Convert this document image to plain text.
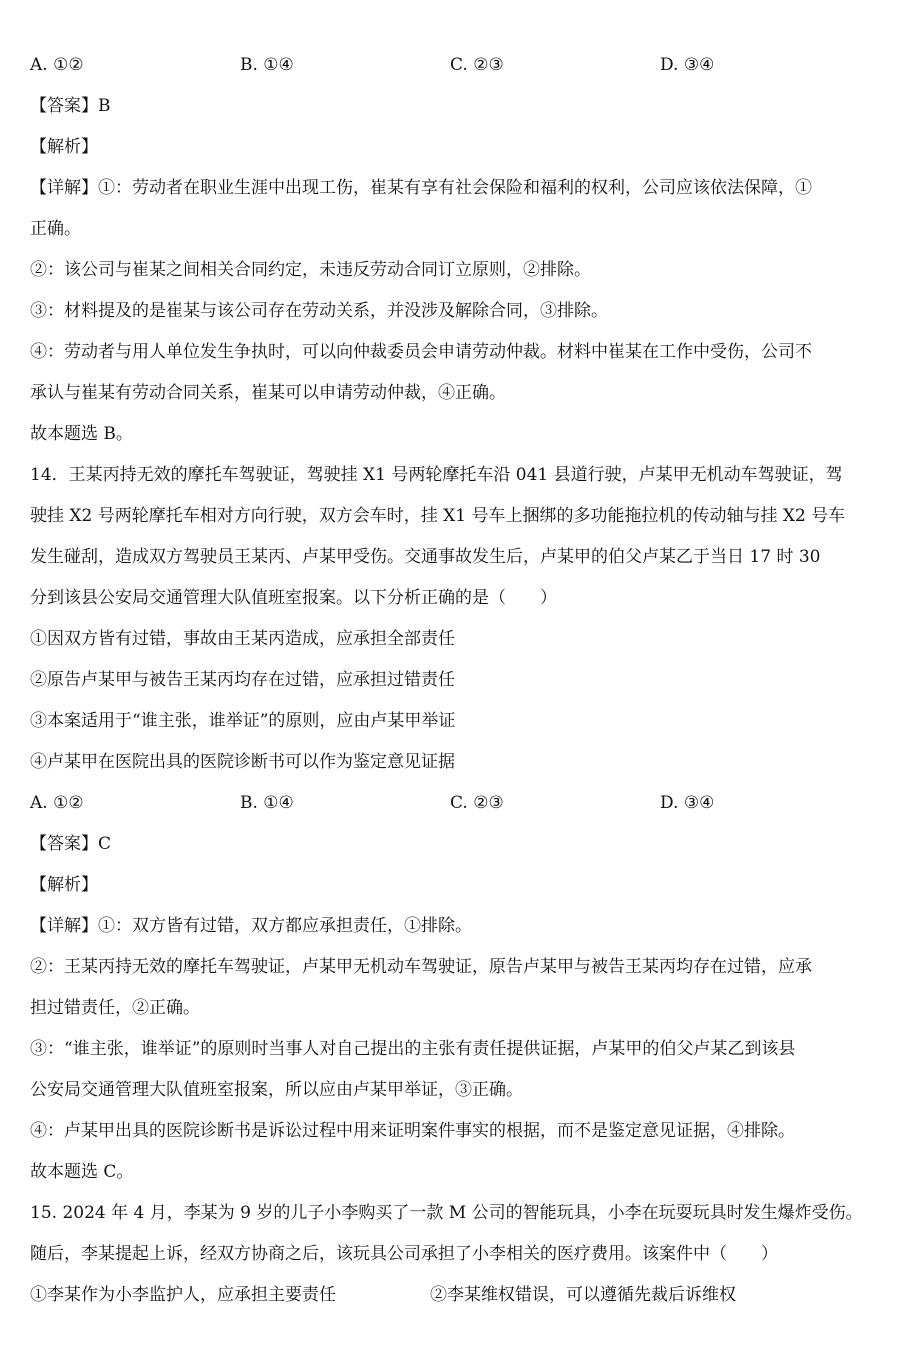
A. ①②	B. ①④	C. ②③	D. ③④

【答案】B

【解析】

【详解】①：劳动者在职业生涯中出现工伤，崔某有享有社会保险和福利的权利，公司应该依法保障，①

正确。

②：该公司与崔某之间相关合同约定，未违反劳动合同订立原则，②排除。

③：材料提及的是崔某与该公司存在劳动关系，并没涉及解除合同，③排除。

④：劳动者与用人单位发生争执时，可以向仲裁委员会申请劳动仲裁。材料中崔某在工作中受伤，公司不

承认与崔某有劳动合同关系，崔某可以申请劳动仲裁，④正确。

故本题选 B。

14．王某丙持无效的摩托车驾驶证，驾驶挂 X1 号两轮摩托车沿 041 县道行驶，卢某甲无机动车驾驶证，驾

驶挂 X2 号两轮摩托车相对方向行驶，双方会车时，挂 X1 号车上捆绑的多功能拖拉机的传动轴与挂 X2 号车

发生碰刮，造成双方驾驶员王某丙、卢某甲受伤。交通事故发生后，卢某甲的伯父卢某乙于当日 17 时 30

分到该县公安局交通管理大队值班室报案。以下分析正确的是（　　）

①因双方皆有过错，事故由王某丙造成，应承担全部责任

②原告卢某甲与被告王某丙均存在过错，应承担过错责任

③本案适用于“谁主张，谁举证”的原则，应由卢某甲举证

④卢某甲在医院出具的医院诊断书可以作为鉴定意见证据

A. ①②	B. ①④	C. ②③	D. ③④

【答案】C

【解析】

【详解】①：双方皆有过错，双方都应承担责任，①排除。

②：王某丙持无效的摩托车驾驶证，卢某甲无机动车驾驶证，原告卢某甲与被告王某丙均存在过错，应承

担过错责任，②正确。

③：“谁主张，谁举证”的原则时当事人对自己提出的主张有责任提供证据，卢某甲的伯父卢某乙到该县

公安局交通管理大队值班室报案，所以应由卢某甲举证，③正确。

④：卢某甲出具的医院诊断书是诉讼过程中用来证明案件事实的根据，而不是鉴定意见证据，④排除。

故本题选 C。

15. 2024 年 4 月，李某为 9 岁的儿子小李购买了一款 M 公司的智能玩具，小李在玩耍玩具时发生爆炸受伤。

随后，李某提起上诉，经双方协商之后，该玩具公司承担了小李相关的医疗费用。该案件中（　　）

①李某作为小李监护人，应承担主要责任	②李某维权错误，可以遵循先裁后诉维权
